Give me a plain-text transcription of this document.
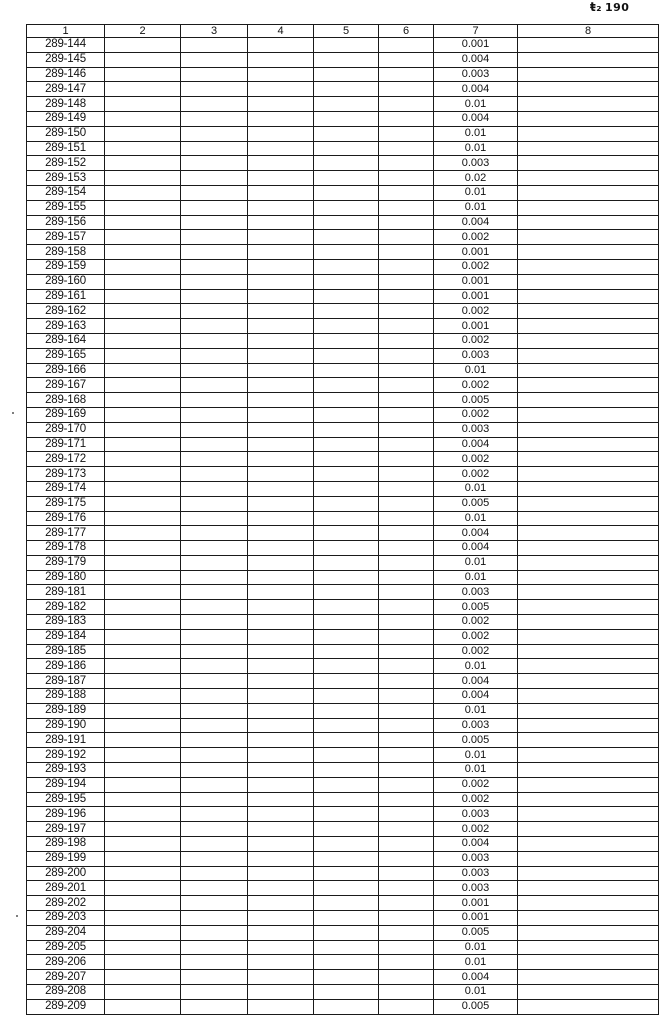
ŧ₂ 190
1	2	3	4	5	6	7	8
289-144						0.001	
289-145						0.004	
289-146						0.003	
289-147						0.004	
289-148						0.01	
289-149						0.004	
289-150						0.01	
289-151						0.01	
289-152						0.003	
289-153						0.02	
289-154						0.01	
289-155						0.01	
289-156						0.004	
289-157						0.002	
289-158						0.001	
289-159						0.002	
289-160						0.001	
289-161						0.001	
289-162						0.002	
289-163						0.001	
289-164						0.002	
289-165						0.003	
289-166						0.01	
289-167						0.002	
289-168						0.005	
289-169						0.002	
289-170						0.003	
289-171						0.004	
289-172						0.002	
289-173						0.002	
289-174						0.01	
289-175						0.005	
289-176						0.01	
289-177						0.004	
289-178						0.004	
289-179						0.01	
289-180						0.01	
289-181						0.003	
289-182						0.005	
289-183						0.002	
289-184						0.002	
289-185						0.002	
289-186						0.01	
289-187						0.004	
289-188						0.004	
289-189						0.01	
289-190						0.003	
289-191						0.005	
289-192						0.01	
289-193						0.01	
289-194						0.002	
289-195						0.002	
289-196						0.003	
289-197						0.002	
289-198						0.004	
289-199						0.003	
289-200						0.003	
289-201						0.003	
289-202						0.001	
289-203						0.001	
289-204						0.005	
289-205						0.01	
289-206						0.01	
289-207						0.004	
289-208						0.01	
289-209						0.005	
